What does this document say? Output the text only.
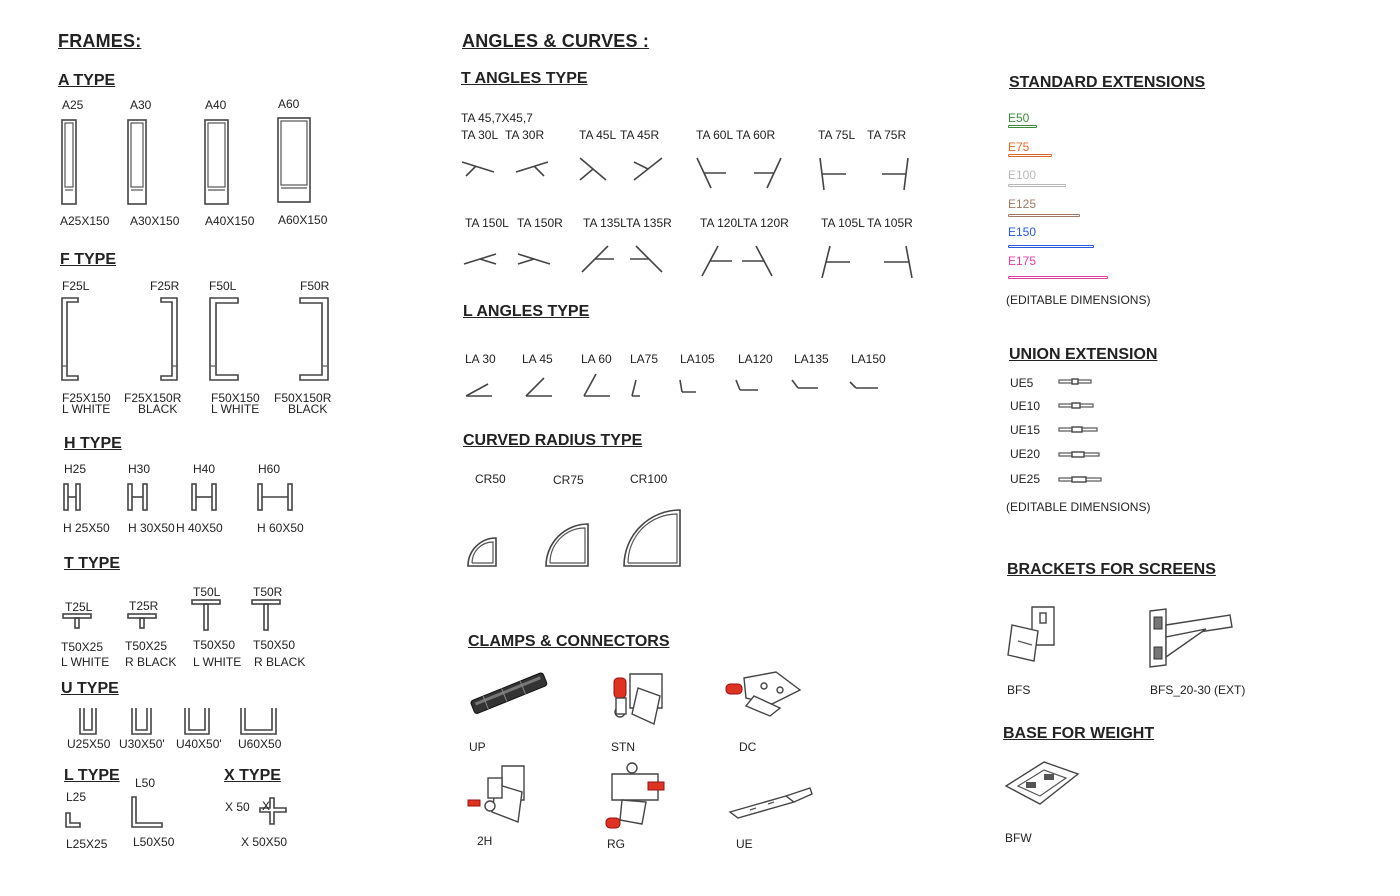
FRAMES:
A TYPE
A25	A30	A40	A60
A25X150 A30X150 A40X150 A60X150
F TYPE
F25L	F25R F50L	F50R
F25X150
L WHITE
F25X150R
BLACK
F50X150
L WHITE
F50X150R
BLACK
H TYPE
H25	H30	H40	H60
H 25X50 H 30X50 H 40X50	H 60X50
T TYPE
T25L	T25R
T50L	T50R
T50X25
L WHITE
T50X25
R BLACK
T50X50
L WHITE
T50X50
R BLACK
U TYPE
U25X50 U30X50' U40X50' U60X50
L TYPE
L25
L50
L25X25 L50X50
X TYPE
X 50 X
X 50X50
ANGLES & CURVES :
T ANGLES TYPE
TA 45,7X45,7
TA 30L TA 30R	TA 45L TA 45R	TA 60L TA 60R	TA 75L TA 75R
TA 150L TA 150R TA 135L TA 135R TA 120L TA 120R	TA 105L TA 105R
L ANGLES TYPE
LA 30 LA 45 LA 60 LA75 LA105 LA120 LA135 LA150
CURVED RADIUS TYPE
CR50	CR75	CR100
CLAMPS & CONNECTORS
UP	STN	DC
2H	RG	UE
STANDARD EXTENSIONS
E50
E75
E100
E125
E150
E175
(EDITABLE DIMENSIONS)
UNION EXTENSION
UE5
UE10
UE15
UE20
UE25
(EDITABLE DIMENSIONS)
BRACKETS FOR SCREENS
BFS	BFS_20-30 (EXT)
BASE FOR WEIGHT
BFW
